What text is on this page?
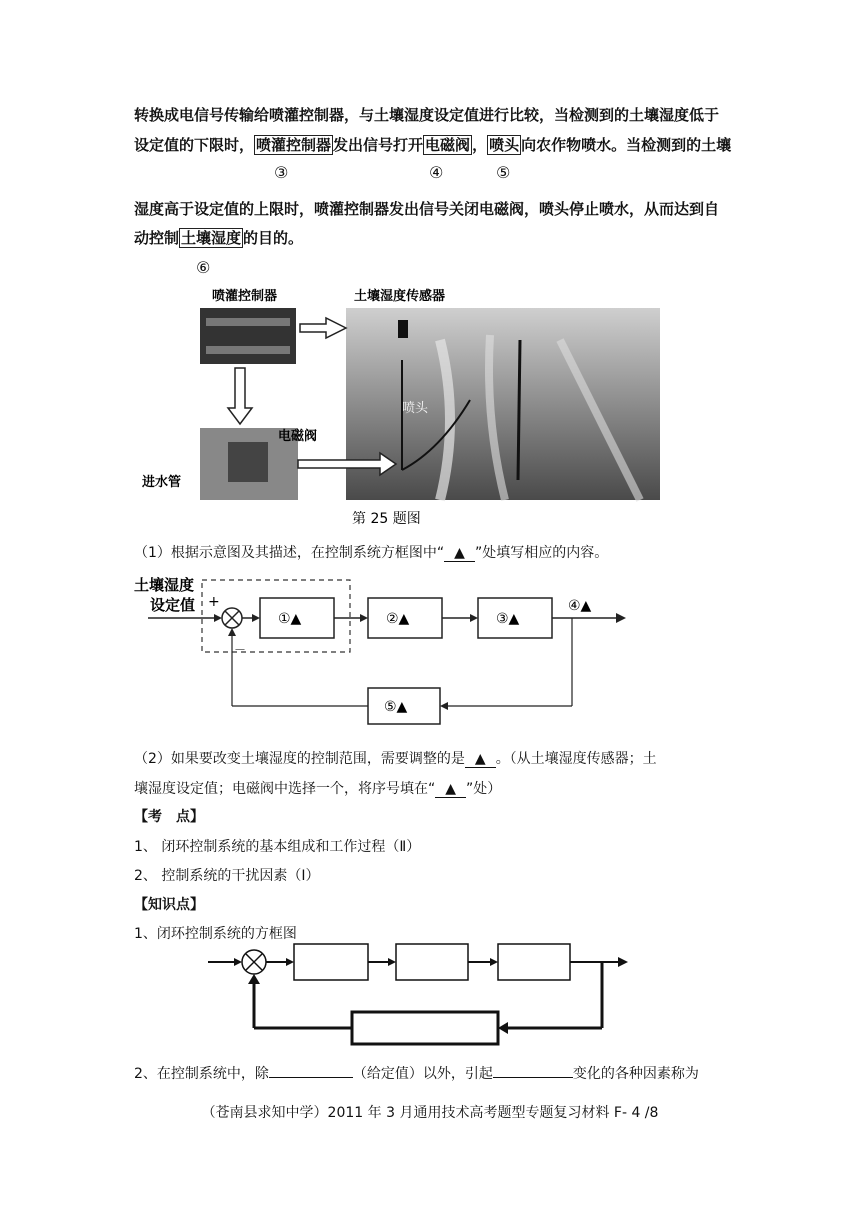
转换成电信号传输给喷灌控制器，与土壤湿度设定值进行比较，当检测到的土壤湿度低于
设定值的下限时， 喷灌控制器 发出信号打开 电磁阀 ， 喷头 向农作物喷水。当检测到的土壤
③	④	⑤
湿度高于设定值的上限时，喷灌控制器发出信号关闭电磁阀，喷头停止喷水，从而达到自
动控制 土壤湿度 的目的。
⑥
喷灌控制器	土壤湿度传感器
电磁阀
进水管
喷头
第 25 题图
（1）根据示意图及其描述，在控制系统方框图中“ ▲ ”处填写相应的内容。
土壤湿度
设定值 +
－
①▲	②▲	③▲
④▲
⑤▲
（2）如果要改变土壤湿度的控制范围，需要调整的是 ▲ 。（从土壤湿度传感器；土
壤湿度设定值；电磁阀中选择一个，将序号填在“ ▲ ”处）
【考　点】
1、 闭环控制系统的基本组成和工作过程（Ⅱ）
2、 控制系统的干扰因素（Ⅰ）
【知识点】
1、闭环控制系统的方框图
2、在控制系统中，除	（给定值）以外，引起	变化的各种因素称为
（苍南县求知中学）2011 年 3 月通用技术高考题型专题复习材料 F- 4 /8
